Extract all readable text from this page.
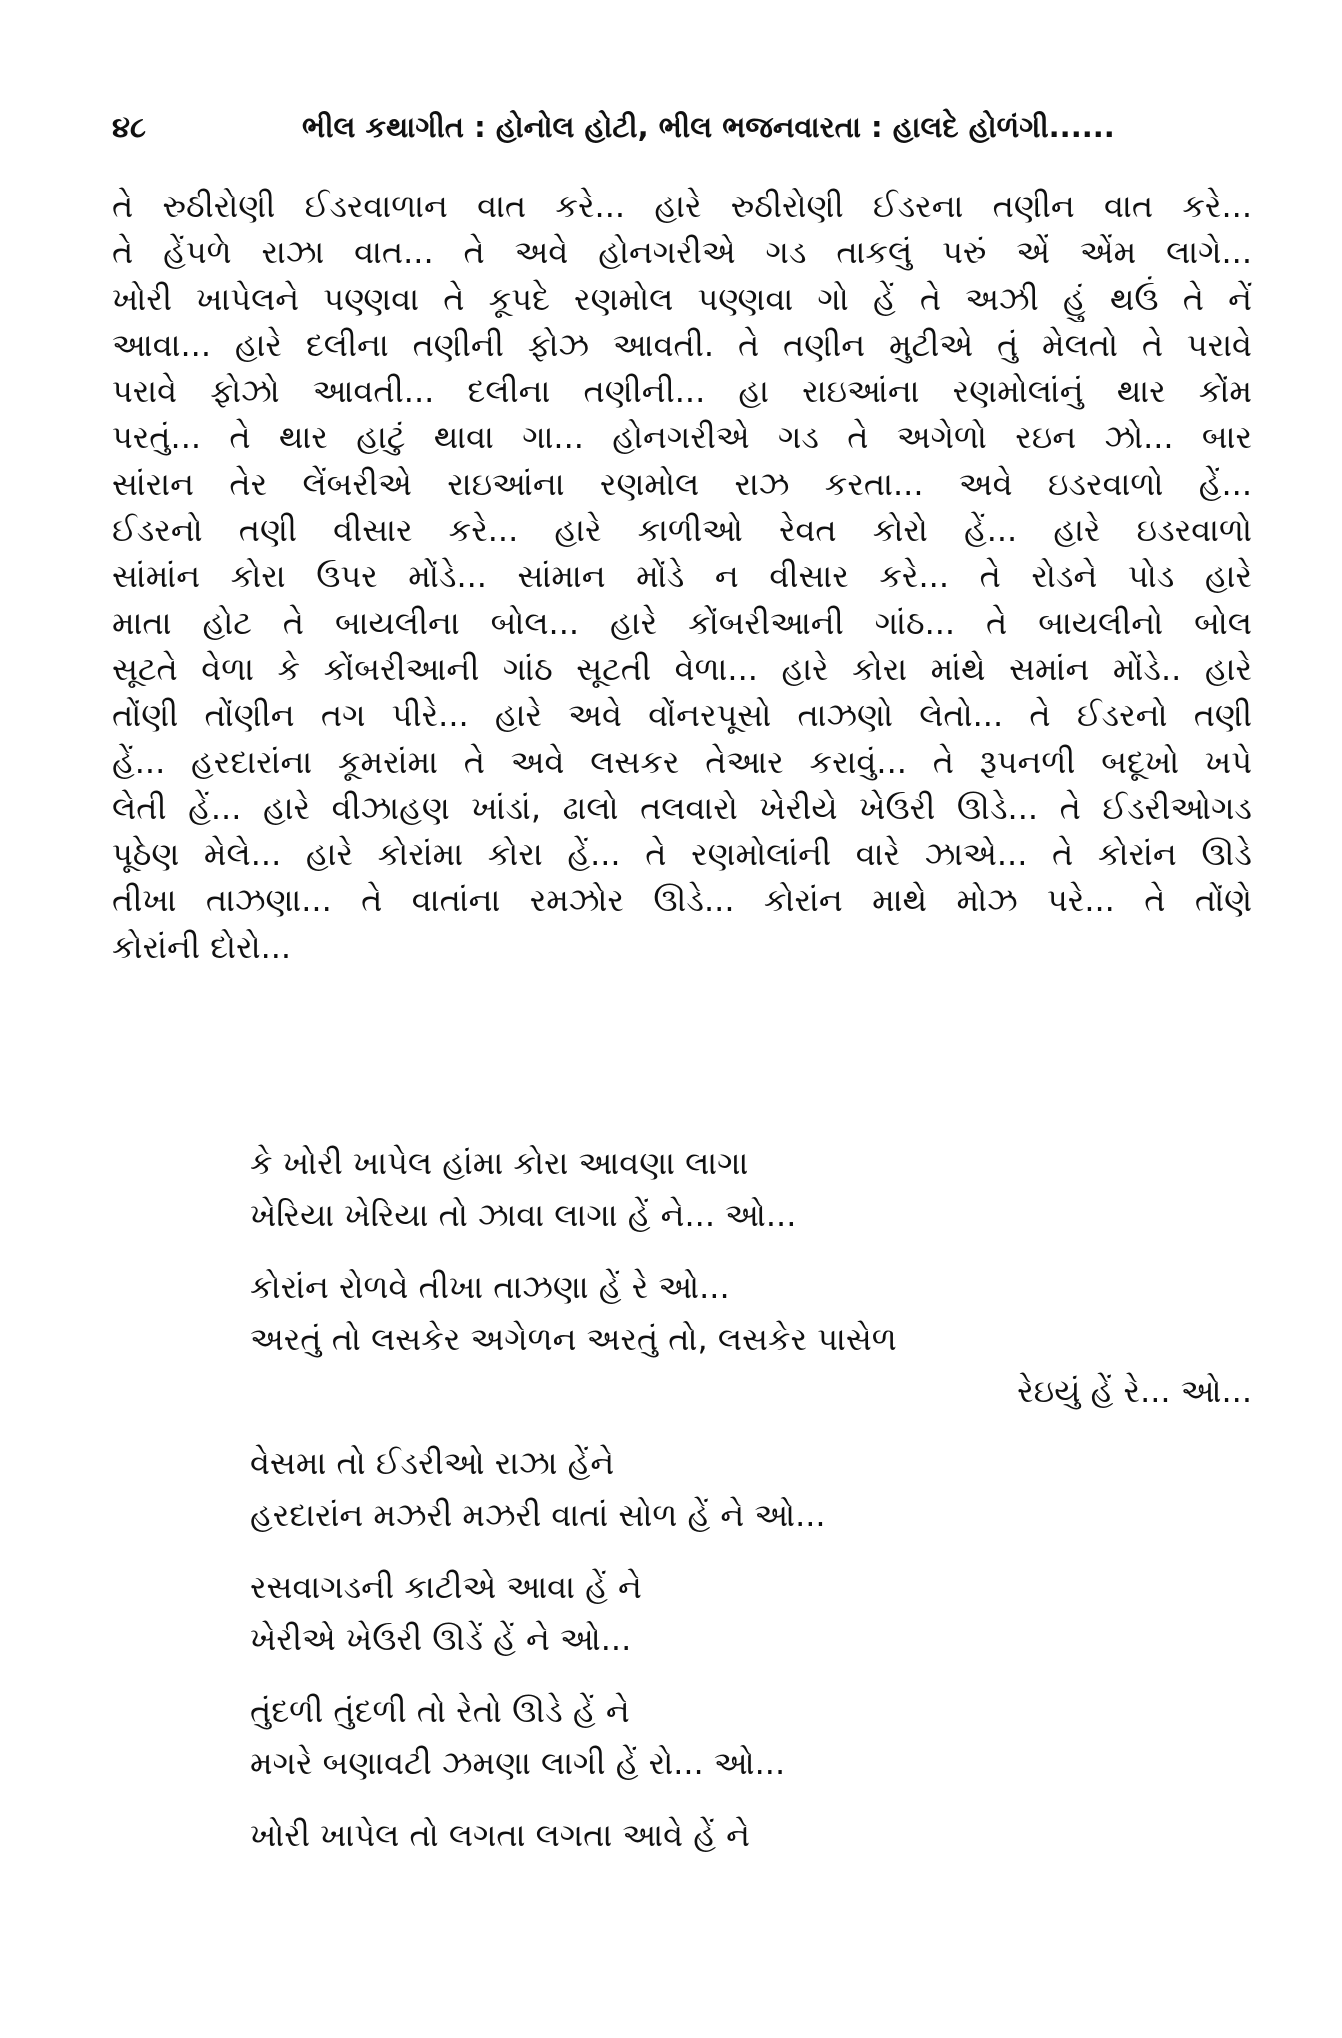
૪૮	ભીલ કથાગીત : હોનોલ હોટી, ભીલ ભજનવારતા : હાલદે હોળંગી......
તે રુઠીરોણી ઈડરવાળાન વાત કરે... હારે રુઠીરોણી ઈડરના તણીન વાત કરે...
તે હેંપળે રાઝા વાત... તે અવે હોનગરીએ ગડ તાકલું પરું એં એંમ લાગે...
ખોરી ખાપેલને પણ્ણવા તે કૂપદે રણમોલ પણ્ણવા ગો હેં તે અઝી હું થઉં તે નેં
આવા... હારે દલીના તણીની ફોઝ આવતી. તે તણીન મુટીએ તું મેલતો તે પરાવે
પરાવે ફોઝો આવતી... દલીના તણીની... હા રાઇઆંના રણમોલાંનું થાર કોંમ
પરતું... તે થાર હાટું થાવા ગા... હોનગરીએ ગડ તે અગેળો રઇન ઝો... બાર
સાંરાન તેર લેંબરીએ રાઇઆંના રણમોલ રાઝ કરતા... અવે ઇડરવાળો હેં...
ઈડરનો તણી વીસાર કરે... હારે કાળીઓ રેવત કોરો હેં... હારે ઇડરવાળો
સાંમાંન કોરા ઉપર મોંડે... સાંમાન મોંડે ન વીસાર કરે... તે રોડને પોડ હારે
માતા હોટ તે બાયલીના બોલ... હારે કોંબરીઆની ગાંઠ... તે બાયલીનો બોલ
સૂટતે વેળા કે કોંબરીઆની ગાંઠ સૂટતી વેળા... હારે કોરા માંથે સમાંન મોંડે.. હારે
તોંણી તોંણીન તગ પીરે... હારે અવે વોંનરપૂસો તાઝણો લેતો... તે ઈડરનો તણી
હેં... હરદારાંના કૂમરાંમા તે અવે લસકર તેઆર કરાવું... તે રૂપનળી બદૂખો ખપે
લેતી હેં... હારે વીઝાહણ ખાંડાં, ઢાલો તલવારો ખેરીયે ખેઉરી ઊડે... તે ઈડરીઓગડ
પૂઠેણ મેલે... હારે કોરાંમા કોરા હેં... તે રણમોલાંની વારે ઝાએ... તે કોરાંન ઊડે
તીખા તાઝણા... તે વાતાંના રમઝોર ઊડે... કોરાંન માથે મોઝ પરે... તે તોંણે
કોરાંની દોરો...
કે ખોરી ખાપેલ હાંમા કોરા આવણા લાગા
ખેરિયા ખેરિયા તો ઝાવા લાગા હેં ને... ઓ...
કોરાંન રોળવે તીખા તાઝણા હેં રે ઓ...
અરતું તો લસકેર અગેળન અરતું તો, લસકેર પાસેળ
રેઇયું હેં રે... ઓ...
વેસમા તો ઈડરીઓ રાઝા હેંને
હરદારાંન મઝરી મઝરી વાતાં સોળ હેં ને ઓ...
રસવાગડની કાટીએ આવા હેં ને
ખેરીએ ખેઉરી ઊડેં હેં ને ઓ...
તુંદળી તુંદળી તો રેતો ઊડે હેં ને
મગરે બણાવટી ઝમણા લાગી હેં રો... ઓ...
ખોરી ખાપેલ તો લગતા લગતા આવે હેં ને
